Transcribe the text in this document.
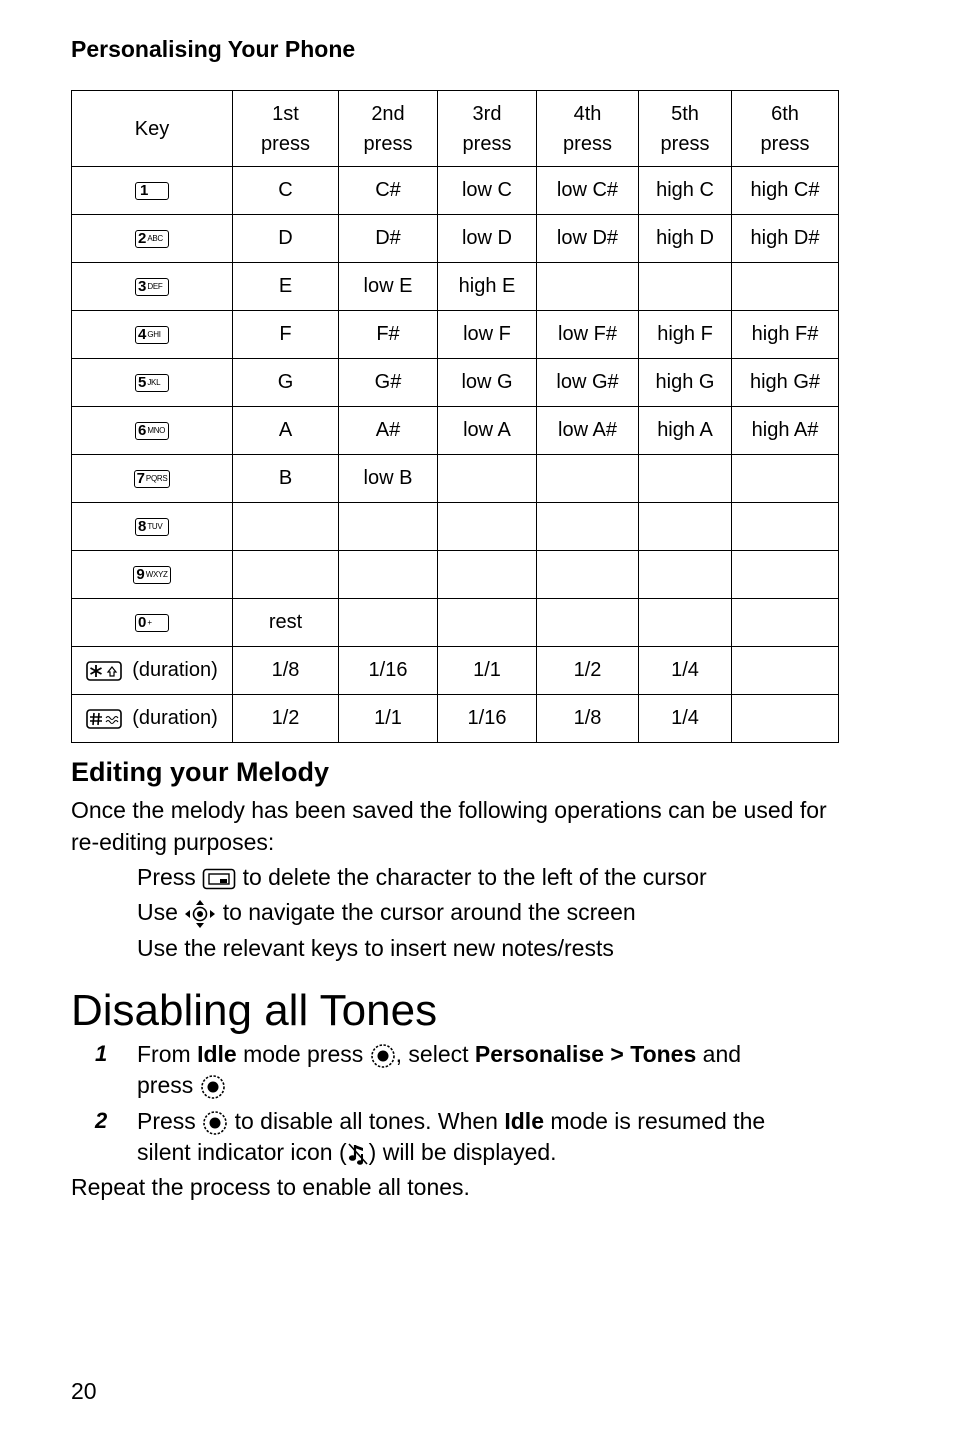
Personalising Your Phone
Key	1st press	2nd press	3rd press	4th press	5th press	6th press

1	C	C#	low C	low C#	high C	high C#

2 ABC	D	D#	low D	low D#	high D	high D#

3 DEF	E	low E	high E			

4 GHI	F	F#	low F	low F#	high F	high F#

5 JKL	G	G#	low G	low G#	high G	high G#

6 MNO	A	A#	low A	low A#	high A	high A#

7 PQRS	B	low B				

8 TUV						

9 WXYZ						

0 +	rest					
(duration)	1/8	1/16	1/1	1/2	1/4	
(duration)	1/2	1/1	1/16	1/8	1/4	
Editing your Melody

Once the melody has been saved the following operations can be used for re-editing purposes:

Press to delete the character to the left of the cursor
Use to navigate the cursor around the screen
Use the relevant keys to insert new notes/rests
Disabling all Tones
1 From Idle mode press , select Personalise > Tones and
press
2 Press to disable all tones. When Idle mode is resumed the
silent indicator icon ( ) will be displayed.
Repeat the process to enable all tones.
20
